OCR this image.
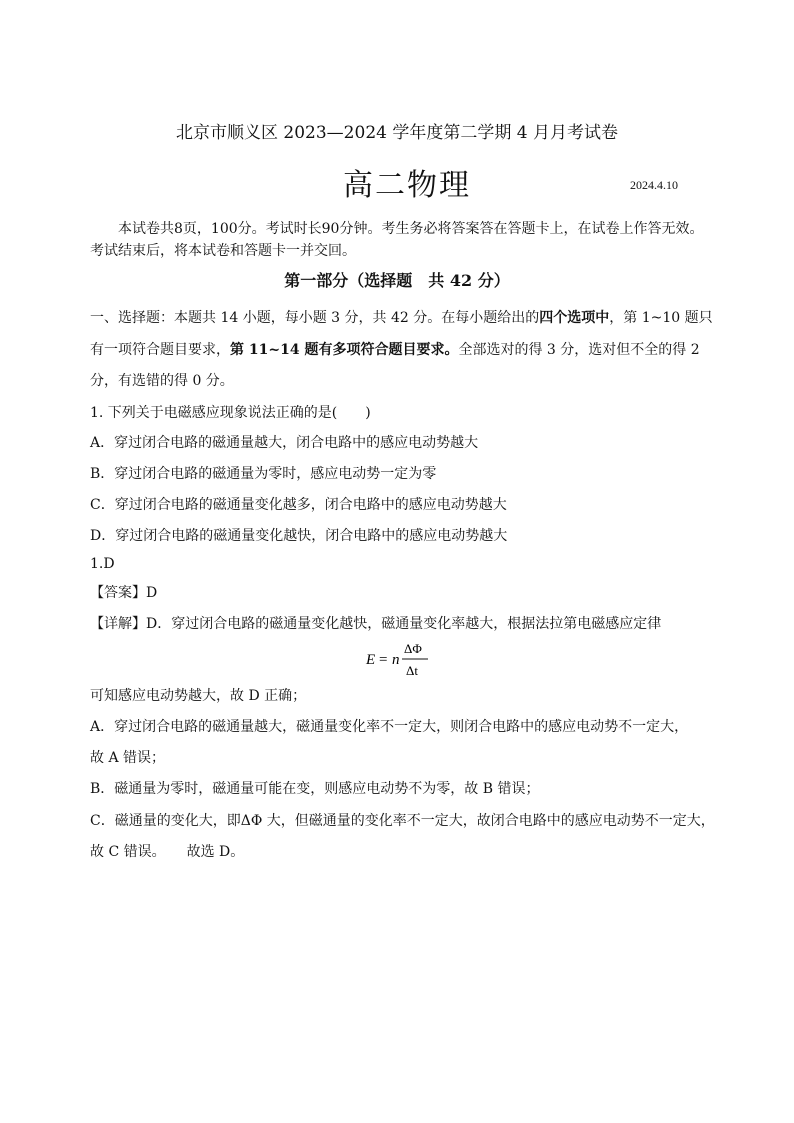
北京市顺义区 2023—2024 学年度第二学期 4 月月考试卷
高二物理	2024.4.10
本试卷共8页，100分。考试时长90分钟。考生务必将答案答在答题卡上，在试卷上作答无效。
考试结束后，将本试卷和答题卡一并交回。
第一部分（选择题　共 42 分）
一、选择题：本题共 14 小题，每小题 3 分，共 42 分。在每小题给出的四个选项中，第 1~10 题只
有一项符合题目要求，第 11~14 题有多项符合题目要求。全部选对的得 3 分，选对但不全的得 2
分，有选错的得 0 分。
1. 下列关于电磁感应现象说法正确的是(　　)
A．穿过闭合电路的磁通量越大，闭合电路中的感应电动势越大
B．穿过闭合电路的磁通量为零时，感应电动势一定为零
C．穿过闭合电路的磁通量变化越多，闭合电路中的感应电动势越大
D．穿过闭合电路的磁通量变化越快，闭合电路中的感应电动势越大
1.D
【答案】D
【详解】D．穿过闭合电路的磁通量变化越快，磁通量变化率越大，根据法拉第电磁感应定律
E = n
ΔΦ
Δt
可知感应电动势越大，故 D 正确；
A．穿过闭合电路的磁通量越大，磁通量变化率不一定大，则闭合电路中的感应电动势不一定大，
故 A 错误；
B．磁通量为零时，磁通量可能在变，则感应电动势不为零，故 B 错误；
C．磁通量的变化大，即ΔΦ 大，但磁通量的变化率不一定大，故闭合电路中的感应电动势不一定大，
故 C 错误。　　故选 D。
